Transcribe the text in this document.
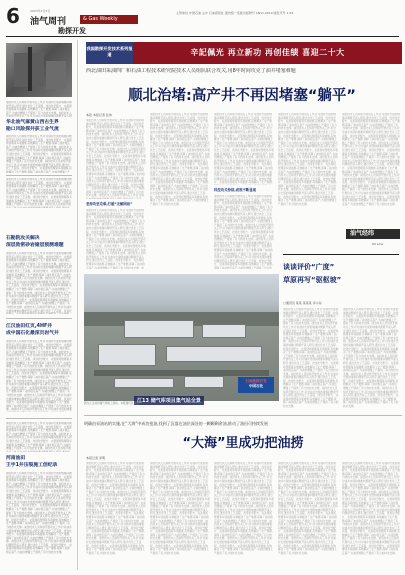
6	2023年1月3日
油气周刊	& Gas Weekly
勘探开发
主管单位 中国石油 主办 石油商报社 国内统一连续出版物号 CN11-0019 邮发代号 1-52
油田技术人员持续开展攻关工作,针对油井出现的堵塞问题展开深入研究,通过优化工艺流程、改进化学配方、完善现场管理等多项措施,有效解决了生产难题,保障了油井稳定高产,为油田增储上产提供了有力的技术支撑。油田技术人员持续开展攻关工作,针对油井出现的堵塞问题展开深入研
华北油气麻黄山西古生界
勘口风险探井获工业气流
油田技术人员持续开展攻关工作,针对油井出现的堵塞问题展开深入研究,通过优化工艺流程、改进化学配方、完善现场管理等多项措施,有效解决了生产难题,保障了油井稳定高产,为油田增储上产提供了有力的技术支撑。油田技术人员持续开展攻关工作,针对油井出现的堵塞问题展开深入研究,通过优化工艺流程、改进化学配方、完善现场管理等多项措施,有效解决了生产难题,保障了油井稳定高产,为油田增储上产提供了有力的技术支撑。油田技术人员持续开展攻关工作,针对油井出现的堵塞问题展开深入研究,通过优化工艺流程、改进化学配方、完善现场管理等多项措施,有效解决了生产难题,保障了油井稳定高产,为油田增储上产
油田技术人员持续开展攻关工作,针对油井出现的堵塞问题展开深入研究,通过优化工艺流程、改进化学配方、完善现场管理等多项措施,有效解决了生产难题,保障了油井稳定高产,为油田增储上产提供了有力的技术支撑。油田技术人员持续开展攻关工作,针对油井出现的堵塞问题展开深入研究,通过优化工艺流程、改进化学配方、完善现场管理等多项措施,有效解决了生产难题,保障了油井稳定高产,为油田增储上产提供了有力的技术支撑。油田技术人员持续开展
石勘院攻关解决
深层致密砂岩储层预测难题
油田技术人员持续开展攻关工作,针对油井出现的堵塞问题展开深入研究,通过优化工艺流程、改进化学配方、完善现场管理等多项措施,有效解决了生产难题,保障了油井稳定高产,为油田增储上产提供了有力的技术支撑。油田技术人员持续开展攻关工作,针对油井出现的堵塞问题展开深入研究,通过优化工艺流程、改进化学配方、完善现场管理等多项措施,有效解决了生产难题,保障了油井稳定高产,为油田增储上产提供了有力的技术支撑。油田技术人员持续开展攻关工作,针对油井出现的堵塞问题展开深入研究,通过优化工艺流程、改进化学配方、完善现场管理等多项措施,有效解决了生产难题,保障了油井稳定高产,为油田增储上产提供了有力的技术支撑。油田技术人员持续开展攻关工作,针对油井出现的堵塞问题展开深入研究,通过优化工艺流程、改进化学配方、完善现场管理等多项措施,有效解决了生产难题,保障了油井稳定高产,为油田增储上产提供了有力的技术支撑。油田技术人员持续开展攻关工作,针对油井出现的堵塞问题展开深入研究,通过优化工艺流程、改进化
江汉油田红页,4HF井
成中国石化最深页岩气井
油田技术人员持续开展攻关工作,针对油井出现的堵塞问题展开深入研究,通过优化工艺流程、改进化学配方、完善现场管理等多项措施,有效解决了生产难题,保障了油井稳定高产,为油田增储上产提供了有力的技术支撑。油田技术人员持续开展攻关工作,针对油井出现的堵塞问题展开深入研究,通过优化工艺流程、改进化学配方、完善现场管理等多项措施,有效解决了生产难题,保障了油井稳定高产,为油田增储上产提供了有力的技术支撑。油田技术人员持续开展攻关工作,针对油井出现的堵塞问题展开深入研究,通过优化工艺流程、改进化学配方、完善现场管理等多项措施,有效解决了生产难题,保障了油井稳定高产,为油田增储上产提供了有力的技术支撑。油田技术人员持续开展攻关工作,针对油井出现的堵塞问题展开深入研究,通过优化工艺流程、改进化学配方、完善现场管理等多项措施,有效解决了生产难题,保障了油井稳定高产,为油田增储上产提供了有力的技术支撑。油田技术人员持续开展攻关工作,针对油井出现的堵塞问题展开深入研究,通过优化工艺流程、改进化学配方、完善现场管理等多项措施,有效解决了生产难题,保障了油井稳定高产,为油田增储上产提供了有力的技术支撑。油田技术人员持续开展攻关工作,针对油井出现的堵塞
油田技术人员持续开展攻关工作,针对油井出现的堵塞问题展开深入研究,通过优化工艺流程、改进化学配方、完善现场管理等多项措施,有效解决了生产难题,保障了油井稳定高产,为油田增储上产提供了有力的技术支撑。油田技术人员持续开展攻关工作,针对油井出现的堵塞问题展开深入研究,通过优化工艺流程、改进化学配方、完善现场管理等多项措施,有效解决了生产难题,保障了油井稳定高产,为油田增储上产提供了有力的技术支撑。油田技术人员持续开展
河南油田
王宇1井压裂施工创纪录
油田技术人员持续开展攻关工作,针对油井出现的堵塞问题展开深入研究,通过优化工艺流程、改进化学配方、完善现场管理等多项措施,有效解决了生产难题,保障了油井稳定高产,为油田增储上产提供了有力的技术支撑。油田技术人员持续开展攻关工作,针对油井出现的堵塞问题展开深入研究,通过优化工艺流程、改进化学配方、完善现场管理等多项措施,有效解决了生产难题,保障了油井稳定高产,为油田增储上产提供了有力的技术支撑。油田技术人员持续开展攻关工作,针对油井出现的堵塞问题展开深入研究,通过优化工艺流程、改进化学配方、完善现场管理等多项措施,有效解决了生产难题,保障了油井稳定高产,为油田增储上产提供了有力的技术支撑。油田技术人员持续开展攻关工作,针对油井出现的堵塞问题展开深入研究,通过优化工艺流程、改进化学配方、完善现场管理等多项措施,有效解决了生产难题,保障了油井稳定高产,为油田增储上产提供了有力的技术支撑。油田技术人员持续开展攻关工作,针对油井出现的堵塞问题展开深入研究,通过优化工艺流程、改进化学配方、完善现场管理等多项措施,有效解决了生产难题,保障了油井稳定高产,为油田增储上产提供了有力的技术支撑。油田技术人员持续开展攻关工作,针对油井出现的堵塞问题展开深入研究,通过优化工艺流程、改进化学配方、完善现场管理等多项措施,有效解决了生产难题,保障了油井稳定高产,为油田增储上产提供了有力的技术支撑。
我国勘探开发技术系列报道	辛記佩光 再立新功 再创佳绩 喜迎二十大
西北油田采油四厂和石油工程技术研究院技术人员组队联合攻关,用8年时间攻克了油井堵塞难题
顺北治堵:高产井不再因堵塞“躺平”
本报 本报记者 张伟
油田技术人员持续开展攻关工作,针对油井出现的堵塞问题展开深入研究,通过优化工艺流程、改进化学配方、完善现场管理等多项措施,有效解决了生产难题,保障了油井稳定高产,为油田增储上产提供了有力的技术支撑。油田技术人员持续开展攻关工作,针对油井出现的堵塞问题展开深入研究,通过优化工艺流程、改进化学配方、完善现场管理等多项措施,有效解决了生产难题,保障了油井稳定高产,为油田增储上产提供了有力的技术支撑。油田技术人员持续开展攻关工作,针对油井出现的堵塞问题展开深入研究,通过优化工艺流程、改进化学配方、完善现场管理等多项措施,有效解决了生产难题,保障了油井稳定高产,为油田增储上产提供了有力的技术支撑。油田技术人员持续开展攻关工作,针对油井出现的堵塞问题展开深入研究,通过优化工艺流程、改进化学配方、完善现场管理等多项措施,有效解决了生产难题,保障了油井稳定高产,为油田增储上产提供了有力的技术支撑。油田技术人员持续开展攻关工作,针对油井出现的堵塞问题展开深入研究,通过优化工艺流程、改进化学配方、完善现场管理等多项措施,有效解决了生产难题,保障了油井稳定高产,为油田增储上产提供了有力的技术支撑。油田技术人员持续开展攻关工作,针对油
坚持攻坚克难,打破“无解困局”
油田技术人员持续开展攻关工作,针对油井出现的堵塞问题展开深入研究,通过优化工艺流程、改进化学配方、完善现场管理等多项措施,有效解决了生产难题,保障了油井稳定高产,为油田增储上产提供了有力的技术支撑。油田技术人员持续开展攻关工作,针对油井出现的堵塞问题展开深入研究,通过优化工艺流程、改进化学配方、完善现场管理等多项措施,有效解决了生产难题,保障了油井稳定高产,为油田增储上产提供了有力的技术支撑。油田技术人员持续开展攻关工作,针对油井出现的堵塞问题展开深入研究,通过优化工艺流程、改进化学配方、完善现场管理等多项措施,有效解决了生产难题,保障了油井稳定高产,为油田增储上产提供了有力的技术支撑。油田技术人员持续开展攻关工作,针对油井出现的堵塞问题展开深入研究,通过优化工艺流程、改进化学配方、完善现场管理等多项措施,有效解决了生产难题,保障了油井稳定高产,为油田增储上产提供了有力的技术支撑。油
油田技术人员持续开展攻关工作,针对油井出现的堵塞问题展开深入研究,通过优化工艺流程、改进化学配方、完善现场管理等多项措施,有效解决了生产难题,保障了油井稳定高产,为油田增储上产提供了有力的技术支撑。油田技术人员持续开展攻关工作,针对油井出现的堵塞问题展开深入研究,通过优化工艺流程、改进化学配方、完善现场管理等多项措施,有效解决了生产难题,保障了油井稳定高产,为油田增储上产提供了有力的技术支撑。油田技术人员持续开展攻关工作,针对油井出现的堵塞问题展开深入研究,通过优化工艺流程、改进化学配方、完善现场管理等多项措施,有效解决了生产难题,保障了油井稳定高产,为油田增储上产提供了有力的技术支撑。油田技术人员持续开展攻关工作,针对油井出现的堵塞问题展开深入研究,通过优化工艺流程、改进化学配方、完善现场管理等多项措施,有效解决了生产难题,保障了油井稳定高产,为油田增储上产提供了有力的技术支撑。油田技术人员持续开展攻关工作,针对油井出现的堵塞问题展开深入研究,通过优化工艺流程、改进化学配方、完善现场管理等多项措施,有效解决了生产难题,保障了油井稳定高产,为油田增储上产提供了有力的技术支撑。油田技术人员持续开展攻关工作,针对油井出现的堵塞问题展开深入研究,通过优化工艺流程、改进化学配方、完善现场管理等多项措施,有效解决了生产难题,保障了油井稳定高产,为油田增储上产提供了有力的技术支撑。
油田技术人员持续开展攻关工作,针对油井出现的堵塞问题展开深入研究,通过优化工艺流程、改进化学配方、完善现场管理等多项措施,有效解决了生产难题,保障了油井稳定高产,为油田增储上产提供了有力的技术支撑。油田技术人员持续开展攻关工作,针对油井出现的堵塞问题展开深入研究,通过优化工艺流程、改进化学配方、完善现场管理等多项措施,有效解决了生产难题,保障了油井稳定高产,为油田增储上产提供了有力的技术支撑。油田技术人员持续开展攻关工作,针对油井出现的堵塞问题展开深入研究,通过优化工艺流程、改进化学配方、完善现场管理等多项措施,有效解决了生产难题,保障了油井稳定高产,为油田增储上产提供了有力的技术支撑。油田技术人员持续开展攻关工作,针对油井出现的堵塞问题展开深入研究,通过优化工艺流程、改进化学配方、完善现场管理等多项措施,有效解决了生产难题,保障了油井稳定高产,为油田增储上产提供了有力的技术支撑。油田技术人员持续开展攻关工作,针对油井出现的堵塞问题展开深入研究,通过优化工艺流程、改进化学配方、完善现场管理等多项措施,有效解决了生产难题,
科技攻关持续,成效不断显现
油田技术人员持续开展攻关工作,针对油井出现的堵塞问题展开深入研究,通过优化工艺流程、改进化学配方、完善现场管理等多项措施,有效解决了生产难题,保障了油井稳定高产,为油田增储上产提供了有力的技术支撑。油田技术人员持续开展攻关工作,针对油井出现的堵塞问题展开深入研究,通过优化工艺流程、改进化学配方、完善现场管理等多项措施,有效解决了生产难题,保障了油井稳定高产,为油田增储上产提供了有力的技术支撑。油田技术人员持续开展攻关工作,针对油井出现的堵塞问题展开深入研究,通过优化工艺流程、改进化学配方、完善现场管理等多项措施,有效解决了生产难题,保障了油井稳定高产,为油田增储上产提供了有力的技术支撑。油田技术人员持续开展攻关工作,针对油井出现的堵塞问题展开深入研究,通过优化工艺流程、改进化学配方、完善现场管理等多项措施,有效解决了生产难题,保障了油井稳定高产,为油田增储上产提供了有力的技术支撑。油田技术人员持续开展攻关工作,针对油井出现的堵塞问题展开深入研究,通过优化工艺流程、改进化学配方、完善现场管理等多项措施,有效解决了生产难题,保障了油井稳定高产,为油田增储上产提供了有力的
油田技术人员持续开展攻关工作,针对油井出现的堵塞问题展开深入研究,通过优化工艺流程、改进化学配方、完善现场管理等多项措施,有效解决了生产难题,保障了油井稳定高产,为油田增储上产提供了有力的技术支撑。油田技术人员持续开展攻关工作,针对油井出现的堵塞问题展开深入研究,通过优化工艺流程、改进化学配方、完善现场管理等多项措施,有效解决了生产难题,保障了油井稳定高产,为油田增储上产提供了有力的技术支撑。油田技术人员持续开展攻关工作,针对油井出现的堵塞问题展开深入研究,通过优化工艺流程、改进化学配方、完善现场管理等多项措施,有效解决了生产难题,保障了油井稳定高产,为油田增储上产提供了有力的技术支撑。油田技术人员持续开展攻关工作,针对油井出现的堵塞问题展开深入研究,通过优化工艺流程、改进化学配方、完善现场管理等多项措施,有效解决了生产难题,保障了油井稳定高产,为油田增储上产提供了有力的技术支撑。油田技术人员持续开展攻关工作,针对油井出现的堵塞问题展开深入研究,通过优化工艺流程、改进化学配方、完善现场管理等多项措施,有效解决了生产难题,保障了油井稳定高产,为油田增储上产提供了有力的技术支撑。油田技术人员持续开展攻关工作,针对油井出现的堵塞问题展开深入研究,通过优化工艺流程、改进化学配方、完善现场管理等多项措施,有效解决了生产难题,保障了油井稳定高产,为油田增储上产提供了有力的技术支撑。
油田技术人员持续开展攻关工作,针对油井出现的堵塞问题展开深入研究,通过优化工艺流程、改进化学配方、完善现场管理等多项措施,有效解决了生产难题,保障了油井稳定高产,为油田增储上产提供了有力的技术支撑。油田技术人员持续开展攻关工作,针对油井出现的堵塞问题展开深入研究,通过优化工艺流程、改进化学配方、完善现场管理等多项措施,有效解决了生产难题,保障了油井稳定高产,为油田增储上产提供了有力的技术支撑。油田技术人员持续开展攻关工作,针对油井出现的堵塞问题展开深入研究,通过优化工艺流程、改进化学配方、完善现场管理等多项措施,有效解决了生产难题,保障了油井稳定高产,为油田增储上产提供了有力的技术支撑。油田技术人员持续开展攻关工作,针对油井出现的堵塞问题展开深入研究,通过优化工艺流程、改进化学配方、完善现场管理等多项措施,有效解决了生产难题,保障了油井稳定高产,为油田增储上产提供了有力的技术支撑。油田技术人员持续开展攻关工作,针对油井出现的堵塞问题展开深入研究,通过优化工艺流程、改进化学配方、完善现场管理等多项措施,有效解决了生产难题,保障了油井稳定高产,为油田增储上产提供了有力的技术支撑。油田技术人员持续开展攻关工作,针对油井出现的堵塞问题展开深入研究,通过优化工艺流程、改进化学配方、完善现场管理等多项措施,有效解决了生产难题,保障了油井稳定高产,为油田增储上产提供了有力的技术支撑。
油气经纬
Oil Line
谈谈评价“广度”
草原再写“驱枢坡”
□通讯员 某某 某某某 李小东
油田技术人员持续开展攻关工作,针对油井出现的堵塞问题展开深入研究,通过优化工艺流程、改进化学配方、完善现场管理等多项措施,有效解决了生产难题,保障了油井稳定高产,为油田增储上产提供了有力的技术支撑。油田技术人员持续开展攻关工作,针对油井出现的堵塞问题展开深入研究,通过优化工艺流程、改进化学配方、完善现场管理等多项措施,有效解决了生产难题,保障了油井稳定高产,为油田增储上产提供了有力的技术支撑。油田技术人员持续开展攻关工作,针对油井出现的堵塞问题展开深入研究,通过优化工艺流程、改进化学配方、完善现场管理等多项措施,有效解决了生产难题,保障了油井稳定高产,为油田增储上产提供了有力的技术支撑。油田技术人员持续开展攻关工作,针对油井出现的堵塞问题展开深入研究,通过优化工艺流程、改进化学配方、完善现场管理等多项措施,有效解决了生产难题,保障了油井稳定高产,为油田增储上产提供了有力的技术支撑。油田技术人员持续开展攻关工作,针对油井出现的堵塞问题展开深入研究,通过优化工艺流程、改进化学配方、完善现场管理等多项措施,有效解决了生产难题,保障了油井稳定高产,为油田增储上产提供了有力的技术支撑。油田技术人员持续开展攻关工作,针对油井出现的堵塞问题展开深入研究,通过优化工艺流程、改进化学配方、完善现场管理等多项措施,有效解决了生产难题,保障了油井稳定高产,为油田增储上产提供了有力的技术支撑。
油田技术人员持续开展攻关工作,针对油井出现的堵塞问题展开深入研究,通过优化工艺流程、改进化学配方、完善现场管理等多项措施,有效解决了生产难题,保障了油井稳定高产,为油田增储上产提供了有力的技术支撑。油田技术人员持续开展攻关工作,针对油井出现的堵塞问题展开深入研究,通过优化工艺流程、改进化学配方、完善现场管理等多项措施,有效解决了生产难题,保障了油井稳定高产,为油田增储上产提供了有力的技术支撑。油田技术人员持续开展攻关工作,针对油井出现的堵塞问题展开深入研究,通过优化工艺流程、改进化学配方、完善现场管理等多项措施,有效解决了生产难题,保障了油井稳定高产,为油田增储上产提供了有力的技术支撑。油田技术人员持续开展攻关工作,针对油井出现的堵塞问题展开深入研究,通过优化工艺流程、改进化学配方、完善现场管理等多项措施,有效解决了生产难题,保障了油井稳定高产,为油田增储上产提供了有力的技术支撑。油田技术人员持续开展攻关工作,针对油井出现的堵塞问题展开深入研究,通过优化工艺流程、改进化学配方、完善现场管理等多项措施,有效解决了生产难题,保障了油井稳定高产,为油田增储上产提供了有力的技术支撑。油田技术人员持续开展攻关工作,针对油井出现的堵塞问题展开深入研究,通过优化工艺流程、改进化学配方、完善现场管理等多项措施,有效解决了生产难题,保障了油井稳定高产,为油田增储上产提供了有力的技术支撑。
江13 储气库项目集气站全景
石油勘探开发
中国石化
图为江汉油田储气库施工现场。本报通讯员 摄影
明确由采油站的实施,在“大海”中成功抢油,找到了沉落在油层深处的一颗颗剩余油,推动了油田可持续发展
“大海”里成功把油捞
本报记者 李明
油田技术人员持续开展攻关工作,针对油井出现的堵塞问题展开深入研究,通过优化工艺流程、改进化学配方、完善现场管理等多项措施,有效解决了生产难题,保障了油井稳定高产,为油田增储上产提供了有力的技术支撑。油田技术人员持续开展攻关工作,针对油井出现的堵塞问题展开深入研究,通过优化工艺流程、改进化学配方、完善现场管理等多项措施,有效解决了生产难题,保障了油井稳定高产,为油田增储上产提供了有力的技术支撑。油田技术人员持续开展攻关工作,针对油井出现的堵塞问题展开深入研究,通过优化工艺流程、改进化学配方、完善现场管理等多项措施,有效解决了生产难题,保障了油井稳定高产,为油田增储上产提供了有力的技术支撑。油田技术人员持续开展攻关工作,针对油井出现的堵塞问题展开深入研究,通过优化工艺流程、改进化学配方、完善现场管理等多项措施,有效解决了生产难题,保障了油井稳定高产,为油田增储上产提供了有力的技术支撑。油田技术人员持续开展攻关工作,针对油井出现的堵塞问题展开深入研究,通过优化工艺流程、改进化学配方、完善现场管理等多项措施,有效解决了生产难题,保障了油井稳定高产,为油田增储上产提供了有力的技术支撑。油田技术人员持续开展攻关工作,针对油井出现的堵塞问题展开深入研究,通过优化工艺流程、改进化学配方、完善现场管理等多项措施,有效解决了生产难题,保障了油井稳定高产,为油田增储上产提供了有力的技术支撑。
油田技术人员持续开展攻关工作,针对油井出现的堵塞问题展开深入研究,通过优化工艺流程、改进化学配方、完善现场管理等多项措施,有效解决了生产难题,保障了油井稳定高产,为油田增储上产提供了有力的技术支撑。油田技术人员持续开展攻关工作,针对油井出现的堵塞问题展开深入研究,通过优化工艺流程、改进化学配方、完善现场管理等多项措施,有效解决了生产难题,保障了油井稳定高产,为油田增储上产提供了有力的技术支撑。油田技术人员持续开展攻关工作,针对油井出现的堵塞问题展开深入研究,通过优化工艺流程、改进化学配方、完善现场管理等多项措施,有效解决了生产难题,保障了油井稳定高产,为油田增储上产提供了有力的技术支撑。油田技术人员持续开展攻关工作,针对油井出现的堵塞问题展开深入研究,通过优化工艺流程、改进化学配方、完善现场管理等多项措施,有效解决了生产难题,保障了油井稳定高产,为油田增储上产提供了有力的技术支撑。油田技术人员持续开展攻关工作,针对油井出现的堵塞问题展开深入研究,通过优化工艺流程、改进化学配方、完善现场管理等多项措施,有效解决了生产难题,保障了油井稳定高产,为油田增储上产提供了有力的技术支撑。油田技术人员持续开展攻关工作,针对油井出现的堵塞问题展开深入研究,通过优化工艺流程、改进化学配方、完善现场管理等多项措施,有效解决了生产难题,保障了油井稳定高产,为油田增储上产提供了有力的技术支撑。
油田技术人员持续开展攻关工作,针对油井出现的堵塞问题展开深入研究,通过优化工艺流程、改进化学配方、完善现场管理等多项措施,有效解决了生产难题,保障了油井稳定高产,为油田增储上产提供了有力的技术支撑。油田技术人员持续开展攻关工作,针对油井出现的堵塞问题展开深入研究,通过优化工艺流程、改进化学配方、完善现场管理等多项措施,有效解决了生产难题,保障了油井稳定高产,为油田增储上产提供了有力的技术支撑。油田技术人员持续开展攻关工作,针对油井出现的堵塞问题展开深入研究,通过优化工艺流程、改进化学配方、完善现场管理等多项措施,有效解决了生产难题,保障了油井稳定高产,为油田增储上产提供了有力的技术支撑。油田技术人员持续开展攻关工作,针对油井出现的堵塞问题展开深入研究,通过优化工艺流程、改进化学配方、完善现场管理等多项措施,有效解决了生产难题,保障了油井稳定高产,为油田增储上产提供了有力的技术支撑。油田技术人员持续开展攻关工作,针对油井出现的堵塞问题展开深入研究,通过优化工艺流程、改进化学配方、完善现场管理等多项措施,有效解决了生产难题,保障了油井稳定高产,为油田增储上产提供了有力的技术支撑。油田技术人员持续开展攻关工作,针对油井出现的堵塞问题展开深入研究,通过优化工艺流程、改进化学配方、完善现场管理等多项措施,有效解决了生产难题,保障了油井稳定高产,为油田增储上产提供了有力的技术支撑。
油田技术人员持续开展攻关工作,针对油井出现的堵塞问题展开深入研究,通过优化工艺流程、改进化学配方、完善现场管理等多项措施,有效解决了生产难题,保障了油井稳定高产,为油田增储上产提供了有力的技术支撑。油田技术人员持续开展攻关工作,针对油井出现的堵塞问题展开深入研究,通过优化工艺流程、改进化学配方、完善现场管理等多项措施,有效解决了生产难题,保障了油井稳定高产,为油田增储上产提供了有力的技术支撑。油田技术人员持续开展攻关工作,针对油井出现的堵塞问题展开深入研究,通过优化工艺流程、改进化学配方、完善现场管理等多项措施,有效解决了生产难题,保障了油井稳定高产,为油田增储上产提供了有力的技术支撑。油田技术人员持续开展攻关工作,针对油井出现的堵塞问题展开深入研究,通过优化工艺流程、改进化学配方、完善现场管理等多项措施,有效解决了生产难题,保障了油井稳定高产,为油田增储上产提供了有力的技术支撑。油田技术人员持续开展攻关工作,针对油井出现的堵塞问题展开深入研究,通过优化工艺流程、改进化学配方、完善现场管理等多项措施,有效解决了生产难题,保障了油井稳定高产,为油田增储上产提供了有力的技术支撑。油田技术人员持续开展攻关工作,针对油井出现的堵塞问题展开深入研究,通过优化工艺流程、改进化学配方、完善现场管理等多项措施,有效解决了生产难题,保障了油井稳定高产,为油田增储上产提供了有力的技术支撑。
油田技术人员持续开展攻关工作,针对油井出现的堵塞问题展开深入研究,通过优化工艺流程、改进化学配方、完善现场管理等多项措施,有效解决了生产难题,保障了油井稳定高产,为油田增储上产提供了有力的技术支撑。油田技术人员持续开展攻关工作,针对油井出现的堵塞问题展开深入研究,通过优化工艺流程、改进化学配方、完善现场管理等多项措施,有效解决了生产难题,保障了油井稳定高产,为油田增储上产提供了有力的技术支撑。油田技术人员持续开展攻关工作,针对油井出现的堵塞问题展开深入研究,通过优化工艺流程、改进化学配方、完善现场管理等多项措施,有效解决了生产难题,保障了油井稳定高产,为油田增储上产提供了有力的技术支撑。油田技术人员持续开展攻关工作,针对油井出现的堵塞问题展开深入研究,通过优化工艺流程、改进化学配方、完善现场管理等多项措施,有效解决了生产难题,保障了油井稳定高产,为油田增储上产提供了有力的技术支撑。油田技术人员持续开展攻关工作,针对油井出现的堵塞问题展开深入研究,通过优化工艺流程、改进化学配方、完善现场管理等多项措施,有效解决了生产难题,保障了油井稳定高产,为油田增储上产提供了有力的技术支撑。油田技术人员持续开展攻关工作,针对油井出现的堵塞问题展开深入研究,通过优化工艺流程、改进化学配方、完善现场管理等多项措施,有效解决了生产难题,保障了油井稳定高产,为油田增储上产提供了有力的技术支撑。
